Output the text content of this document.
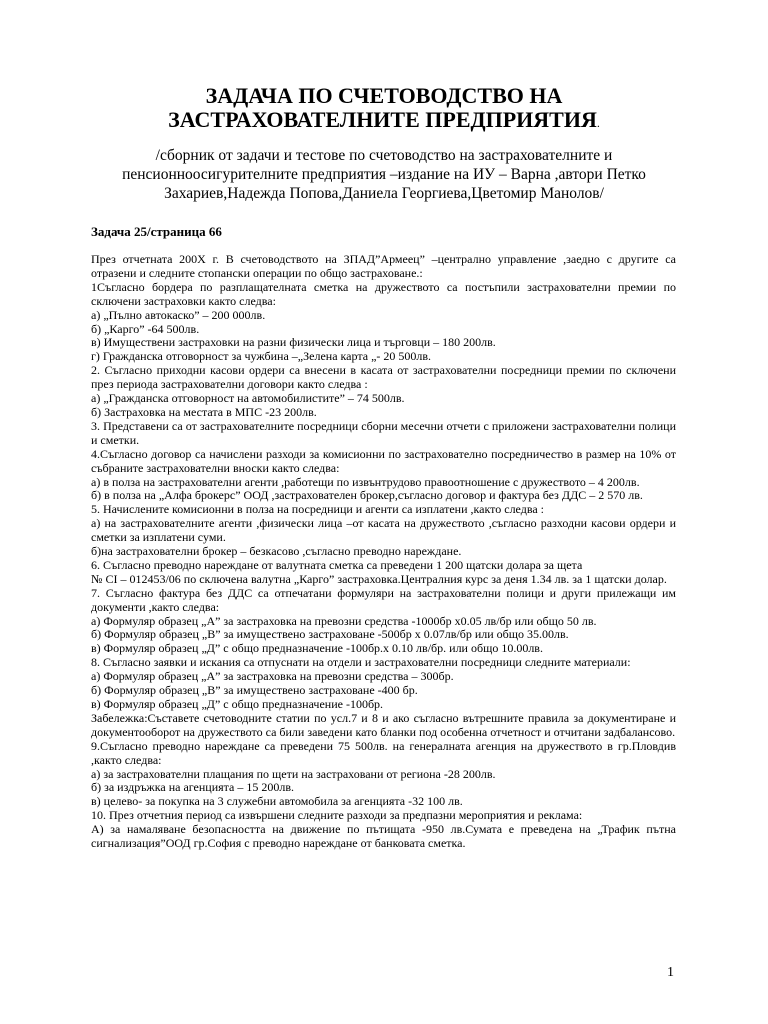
ЗАДАЧА ПО СЧЕТОВОДСТВО НА
ЗАСТРАХОВАТЕЛНИТЕ ПРЕДПРИЯТИЯ.
/сборник от задачи и тестове по счетоводство на застрахователните и
пенсионноосигурителните предприятия –издание на ИУ – Варна ,автори Петко
Захариев,Надежда Попова,Даниела Георгиева,Цветомир Манолов/
Задача 25/страница 66

През отчетната 200Х г. В счетоводството на ЗПАД”Армеец” –централно управление ,заедно с другите са отразени и следните стопански операции по общо застраховане.:

1Съгласно бордера по разплащателната сметка на дружеството са постъпили застрахователни премии по сключени застраховки както следва:

а) „Пълно автокаско” – 200 000лв.

б) „Карго” -64 500лв.

в) Имуществени застраховки на разни физически лица и търговци – 180 200лв.

г) Гражданска отговорност за чужбина –„Зелена карта „- 20 500лв.

2. Съгласно приходни касови ордери са внесени в касата от застрахователни посредници премии по сключени през периода застрахователни договори както следва :

а) „Гражданска отговорност на автомобилистите” – 74 500лв.

б) Застраховка на местата в МПС -23 200лв.

3. Представени са от застрахователните посредници сборни месечни отчети с приложени застрахователни полици и сметки.

4.Съгласно договор са начислени разходи за комисионни по застрахователно посредничество в размер на 10% от събраните застрахователни вноски както следва:

а) в полза на застрахователни агенти ,работещи по извънтрудово правоотношение с дружеството – 4 200лв.

б) в полза на „Алфа брокерс” ООД ,застрахователен брокер,съгласно договор и фактура без ДДС – 2 570 лв.

5. Начислените комисионни в полза на посредници и агенти са изплатени ,както следва :

а) на застрахователните агенти ,физически лица –от касата на дружеството ,съгласно разходни касови ордери и сметки за изплатени суми.

б)на застрахователни брокер – безкасово ,съгласно преводно нареждане.

6. Съгласно преводно нареждане от валутната сметка са преведени 1 200 щатски долара за щета

№ CI – 012453/06 по сключена валутна „Карго” застраховка.Централния курс за деня 1.34 лв. за 1 щатски долар.

7. Съгласно фактура без ДДС са отпечатани формуляри на застрахователни полици и други прилежащи им документи ,както следва:

а) Формуляр образец „А” за застраховка на превозни средства -1000бр х0.05 лв/бр или общо 50 лв.

б) Формуляр образец „В” за имуществено застраховане -500бр х 0.07лв/бр или общо 35.00лв.

в) Формуляр образец „Д” с общо предназначение -100бр.х 0.10 лв/бр. или общо 10.00лв.

8. Съгласно заявки и искания са отпуснати на отдели и застрахователни посредници следните материали:

а) Формуляр образец „А” за застраховка на превозни средства – 300бр.

б) Формуляр образец „В” за имуществено застраховане -400 бр.

в) Формуляр образец „Д” с общо предназначение -100бр.

Забележка:Съставете счетоводните статии по усл.7 и 8 и ако съгласно вътрешните правила за документиране и документооборот на дружеството са били заведени като бланки под особенна отчетност и отчитани задбалансово.

9.Съгласно преводно нареждане са преведени 75 500лв. на генералната агенция на дружеството в гр.Пловдив ,както следва:

а) за застрахователни плащания по щети на застраховани от региона -28 200лв.

б) за издръжка на агенцията – 15 200лв.

в) целево- за покупка на 3 служебни автомобила за агенцията -32 100 лв.

10. През отчетния период са извършени следните разходи за предпазни мероприятия и реклама:

А) за намаляване безопасността на движение по пътищата -950 лв.Сумата е преведена на „Трафик пътна сигнализация”ООД гр.София с преводно нареждане от банковата сметка.

1
